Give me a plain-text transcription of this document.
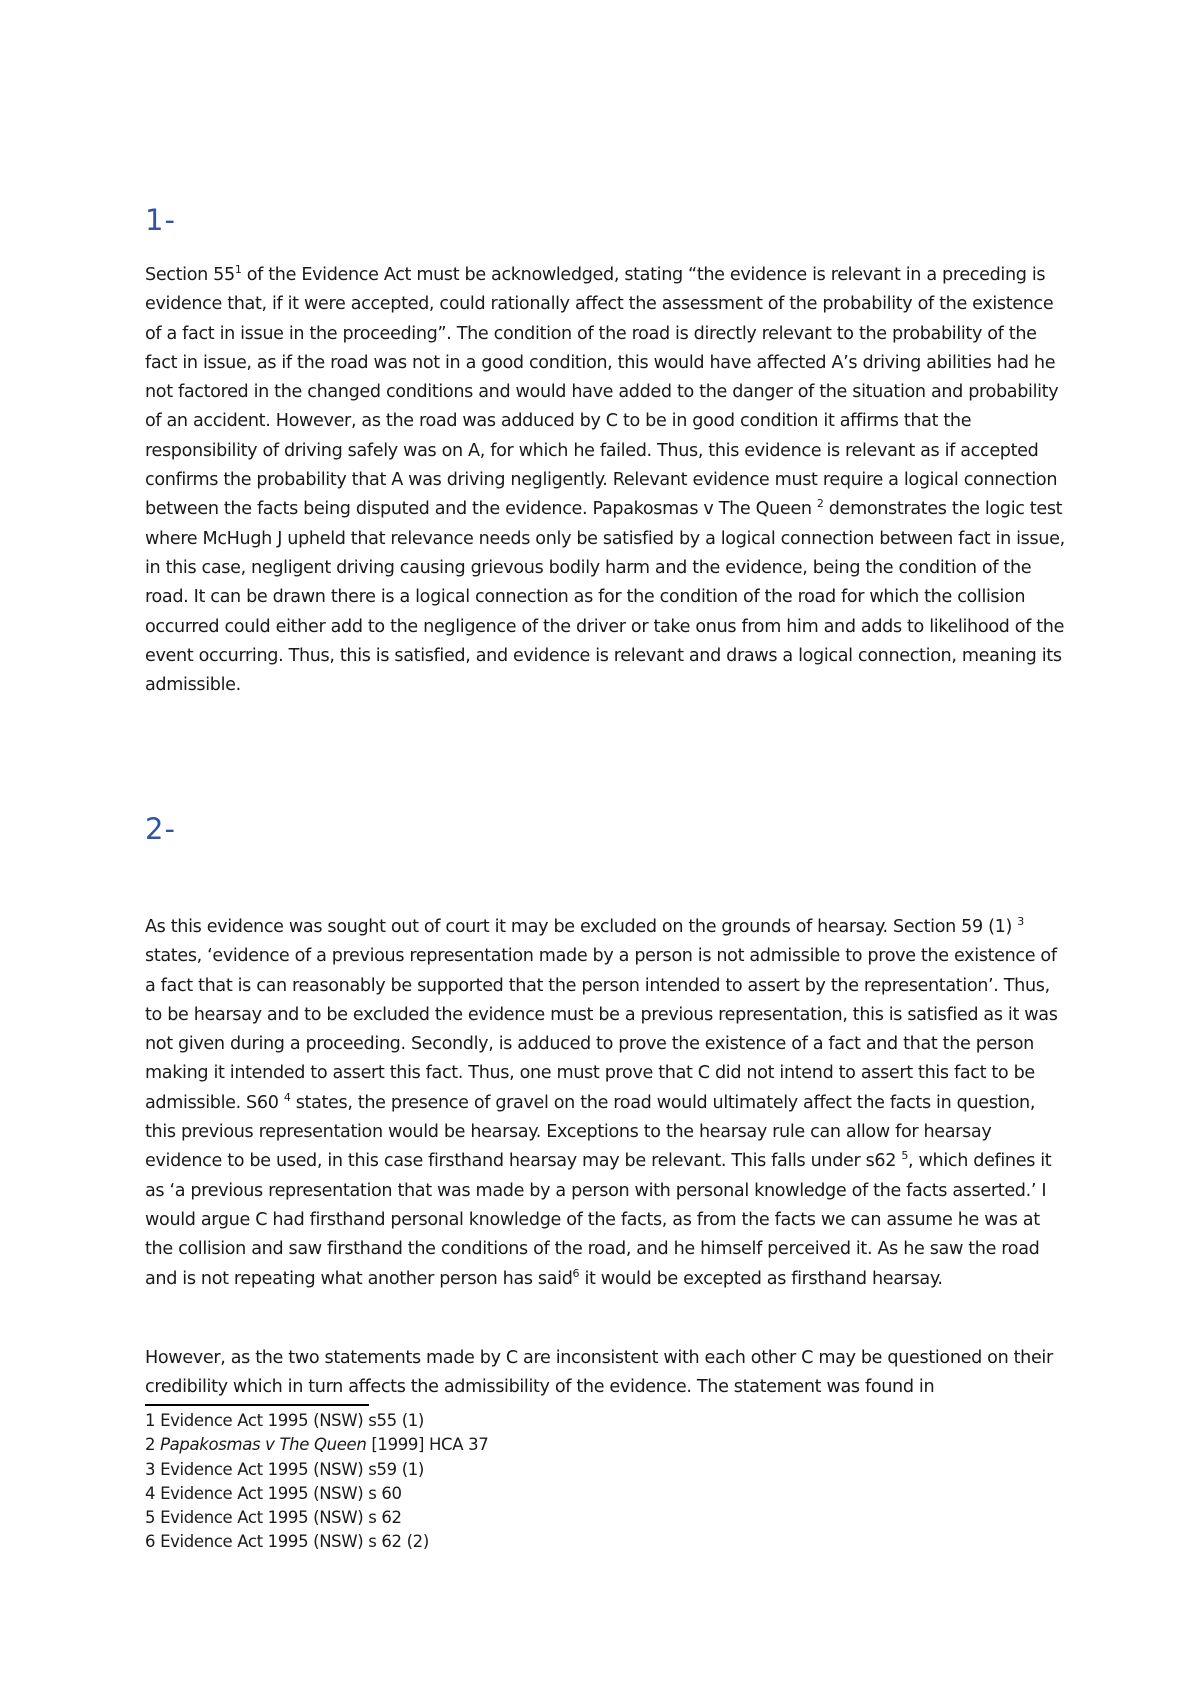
1-

Section $55^1$ of the Evidence Act must be acknowledged, stating “the evidence is relevant in a preceding is evidence that, if it were accepted, could rationally affect the assessment of the probability of the existence of a fact in issue in the proceeding”. The condition of the road is directly relevant to the probability of the fact in issue, as if the road was not in a good condition, this would have affected A’s driving abilities had he not factored in the changed conditions and would have added to the danger of the situation and probability of an accident. However, as the road was adduced by C to be in good condition it affirms that the responsibility of driving safely was on A, for which he failed. Thus, this evidence is relevant as if accepted confirms the probability that A was driving negligently. Relevant evidence must require a logical connection between the facts being disputed and the evidence. Papakosmas v The Queen $^2$ demonstrates the logic test where McHugh J upheld that relevance needs only be satisfied by a logical connection between fact in issue, in this case, negligent driving causing grievous bodily harm and the evidence, being the condition of the road. It can be drawn there is a logical connection as for the condition of the road for which the collision occurred could either add to the negligence of the driver or take onus from him and adds to likelihood of the event occurring. Thus, this is satisfied, and evidence is relevant and draws a logical connection, meaning its admissible.

2-

As this evidence was sought out of court it may be excluded on the grounds of hearsay. Section 59 (1) $^3$ states, ‘evidence of a previous representation made by a person is not admissible to prove the existence of a fact that is can reasonably be supported that the person intended to assert by the representation’. Thus, to be hearsay and to be excluded the evidence must be a previous representation, this is satisfied as it was not given during a proceeding. Secondly, is adduced to prove the existence of a fact and that the person making it intended to assert this fact. Thus, one must prove that C did not intend to assert this fact to be admissible. S60 $^4$ states, the presence of gravel on the road would ultimately affect the facts in question, this previous representation would be hearsay. Exceptions to the hearsay rule can allow for hearsay evidence to be used, in this case firsthand hearsay may be relevant. This falls under s62 $^5$, which defines it as ‘a previous representation that was made by a person with personal knowledge of the facts asserted.’ I would argue C had firsthand personal knowledge of the facts, as from the facts we can assume he was at the collision and saw firsthand the conditions of the road, and he himself perceived it. As he saw the road and is not repeating what another person has said$^6$ it would be excepted as firsthand hearsay.

However, as the two statements made by C are inconsistent with each other C may be questioned on their credibility which in turn affects the admissibility of the evidence. The statement was found in

1 Evidence Act 1995 (NSW) s55 (1)
2 Papakosmas v The Queen [1999] HCA 37
3 Evidence Act 1995 (NSW) s59 (1)
4 Evidence Act 1995 (NSW) s 60
5 Evidence Act 1995 (NSW) s 62
6 Evidence Act 1995 (NSW) s 62 (2)
